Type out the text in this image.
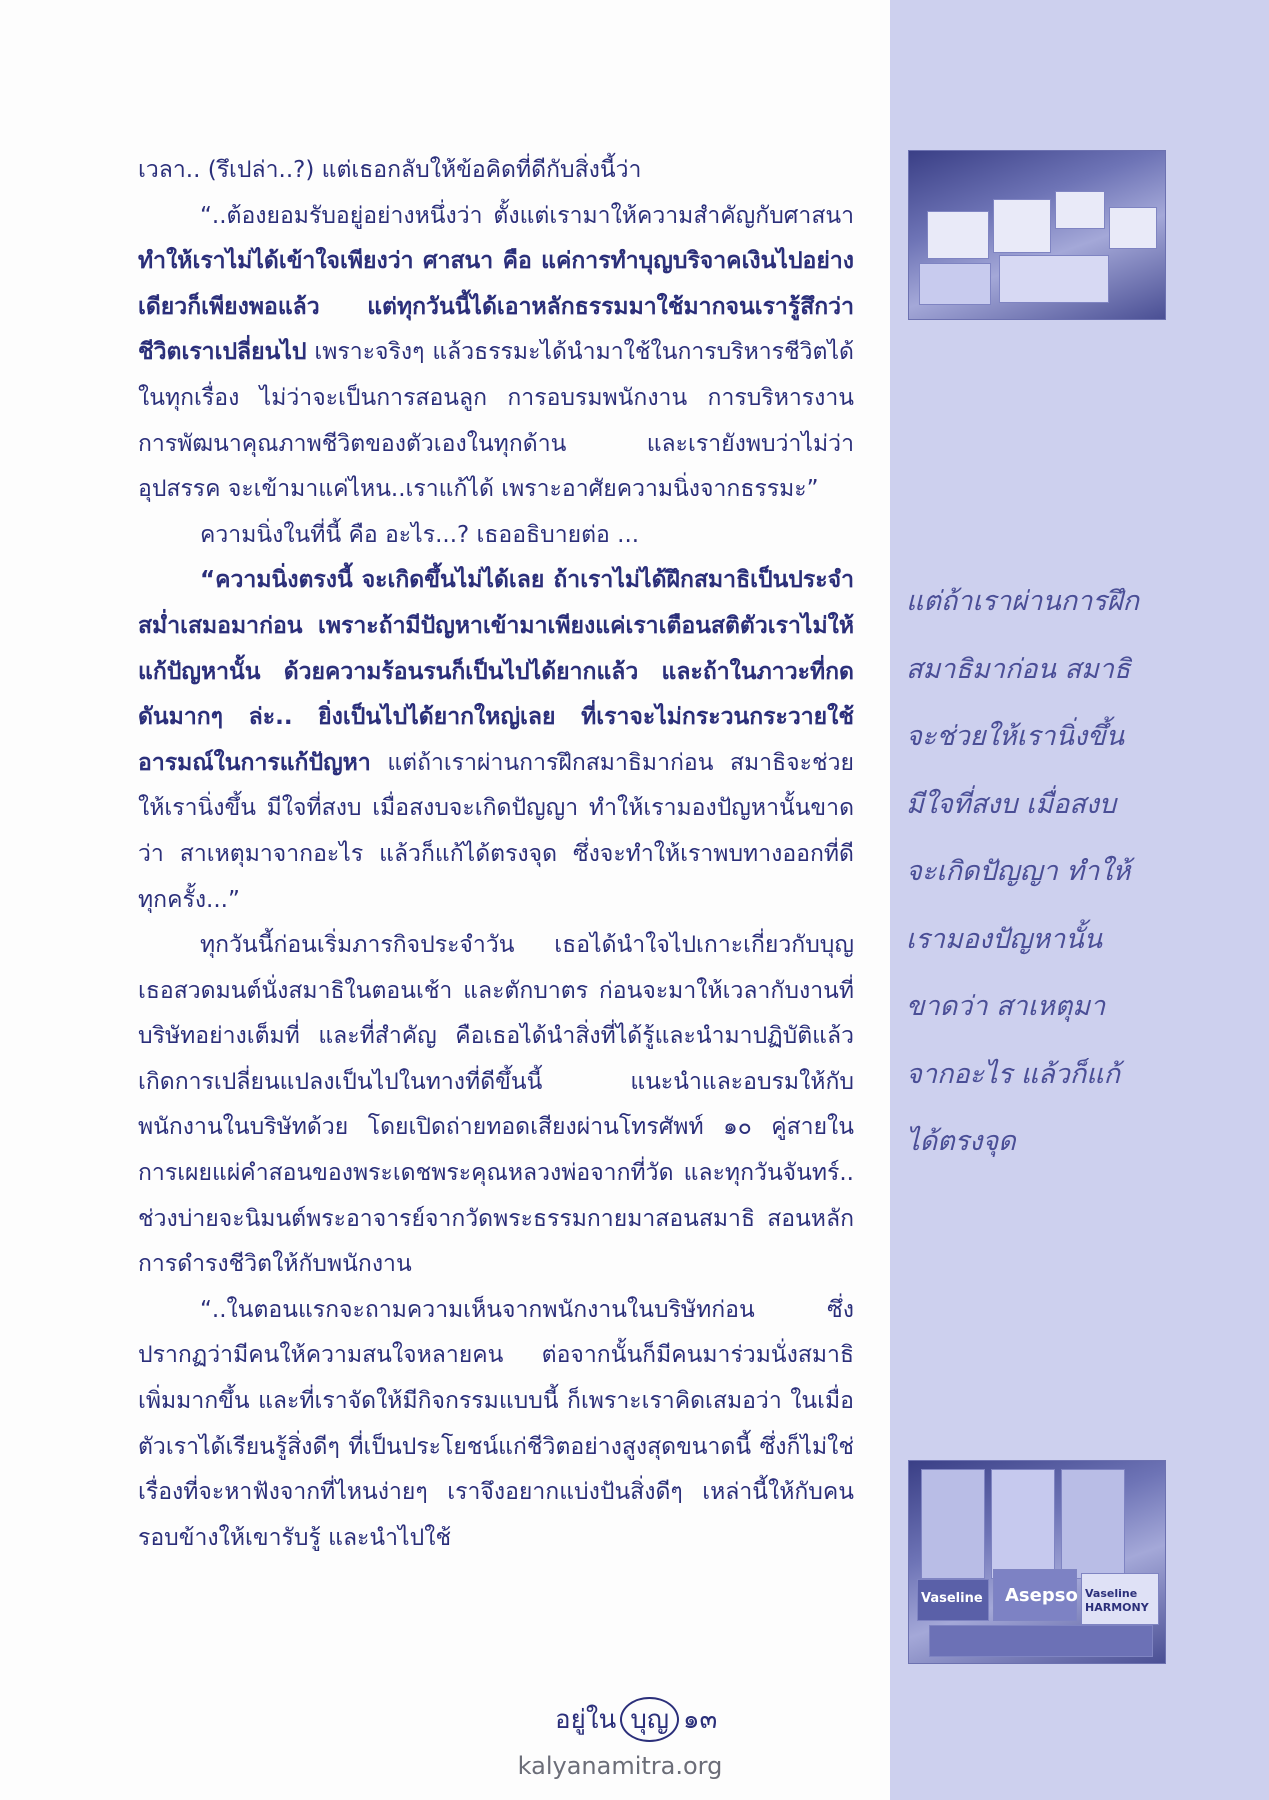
เวลา.. (รึเปล่า..?) แต่เธอกลับให้ข้อคิดที่ดีกับสิ่งนี้ว่า

“..ต้องยอมรับอยู่อย่างหนึ่งว่า ตั้งแต่เรามาให้ความสำคัญกับศาสนา ทำให้เราไม่ได้เข้าใจเพียงว่า ศาสนา คือ แค่การทำบุญบริจาคเงินไปอย่างเดียวก็เพียงพอแล้ว แต่ทุกวันนี้ได้เอาหลักธรรมมาใช้มากจนเรารู้สึกว่าชีวิตเราเปลี่ยนไป เพราะจริงๆ แล้วธรรมะได้นำมาใช้ในการบริหารชีวิตได้ในทุกเรื่อง ไม่ว่าจะเป็นการสอนลูก การอบรมพนักงาน การบริหารงาน การพัฒนาคุณภาพชีวิตของตัวเองในทุกด้าน และเรายังพบว่าไม่ว่าอุปสรรค จะเข้ามาแค่ไหน..เราแก้ได้ เพราะอาศัยความนิ่งจากธรรมะ”

ความนิ่งในที่นี้ คือ อะไร...? เธออธิบายต่อ ...

“ความนิ่งตรงนี้ จะเกิดขึ้นไม่ได้เลย ถ้าเราไม่ได้ฝึกสมาธิเป็นประจำสม่ำเสมอมาก่อน เพราะถ้ามีปัญหาเข้ามาเพียงแค่เราเตือนสติตัวเราไม่ให้แก้ปัญหานั้น ด้วยความร้อนรนก็เป็นไปได้ยากแล้ว และถ้าในภาวะที่กดดันมากๆ ล่ะ.. ยิ่งเป็นไปได้ยากใหญ่เลย ที่เราจะไม่กระวนกระวายใช้อารมณ์ในการแก้ปัญหา แต่ถ้าเราผ่านการฝึกสมาธิมาก่อน สมาธิจะช่วยให้เรานิ่งขึ้น มีใจที่สงบ เมื่อสงบจะเกิดปัญญา ทำให้เรามองปัญหานั้นขาดว่า สาเหตุมาจากอะไร แล้วก็แก้ได้ตรงจุด ซึ่งจะทำให้เราพบทางออกที่ดีทุกครั้ง...”

ทุกวันนี้ก่อนเริ่มภารกิจประจำวัน เธอได้นำใจไปเกาะเกี่ยวกับบุญ เธอสวดมนต์นั่งสมาธิในตอนเช้า และตักบาตร ก่อนจะมาให้เวลากับงานที่บริษัทอย่างเต็มที่ และที่สำคัญ คือเธอได้นำสิ่งที่ได้รู้และนำมาปฏิบัติแล้วเกิดการเปลี่ยนแปลงเป็นไปในทางที่ดีขึ้นนี้ แนะนำและอบรมให้กับพนักงานในบริษัทด้วย โดยเปิดถ่ายทอดเสียงผ่านโทรศัพท์ ๑๐ คู่สายในการเผยแผ่คำสอนของพระเดชพระคุณหลวงพ่อจากที่วัด และทุกวันจันทร์.. ช่วงบ่ายจะนิมนต์พระอาจารย์จากวัดพระธรรมกายมาสอนสมาธิ สอนหลักการดำรงชีวิตให้กับพนักงาน

“..ในตอนแรกจะถามความเห็นจากพนักงานในบริษัทก่อน ซึ่งปรากฏว่ามีคนให้ความสนใจหลายคน ต่อจากนั้นก็มีคนมาร่วมนั่งสมาธิเพิ่มมากขึ้น และที่เราจัดให้มีกิจกรรมแบบนี้ ก็เพราะเราคิดเสมอว่า ในเมื่อตัวเราได้เรียนรู้สิ่งดีๆ ที่เป็นประโยชน์แก่ชีวิตอย่างสูงสุดขนาดนี้ ซึ่งก็ไม่ใช่เรื่องที่จะหาฟังจากที่ไหนง่ายๆ เราจึงอยากแบ่งปันสิ่งดีๆ เหล่านี้ให้กับคนรอบข้างให้เขารับรู้ และนำไปใช้

Vaseline Asepso Vaseline HARMONY

แต่ถ้าเราผ่านการฝึก

สมาธิมาก่อน สมาธิ

จะช่วยให้เรานิ่งขึ้น

มีใจที่สงบ เมื่อสงบ

จะเกิดปัญญา ทำให้

เรามองปัญหานั้น

ขาดว่า สาเหตุมา

จากอะไร แล้วก็แก้

ได้ตรงจุด

อยู่ใน บุญ ๑๓
kalyanamitra.org
